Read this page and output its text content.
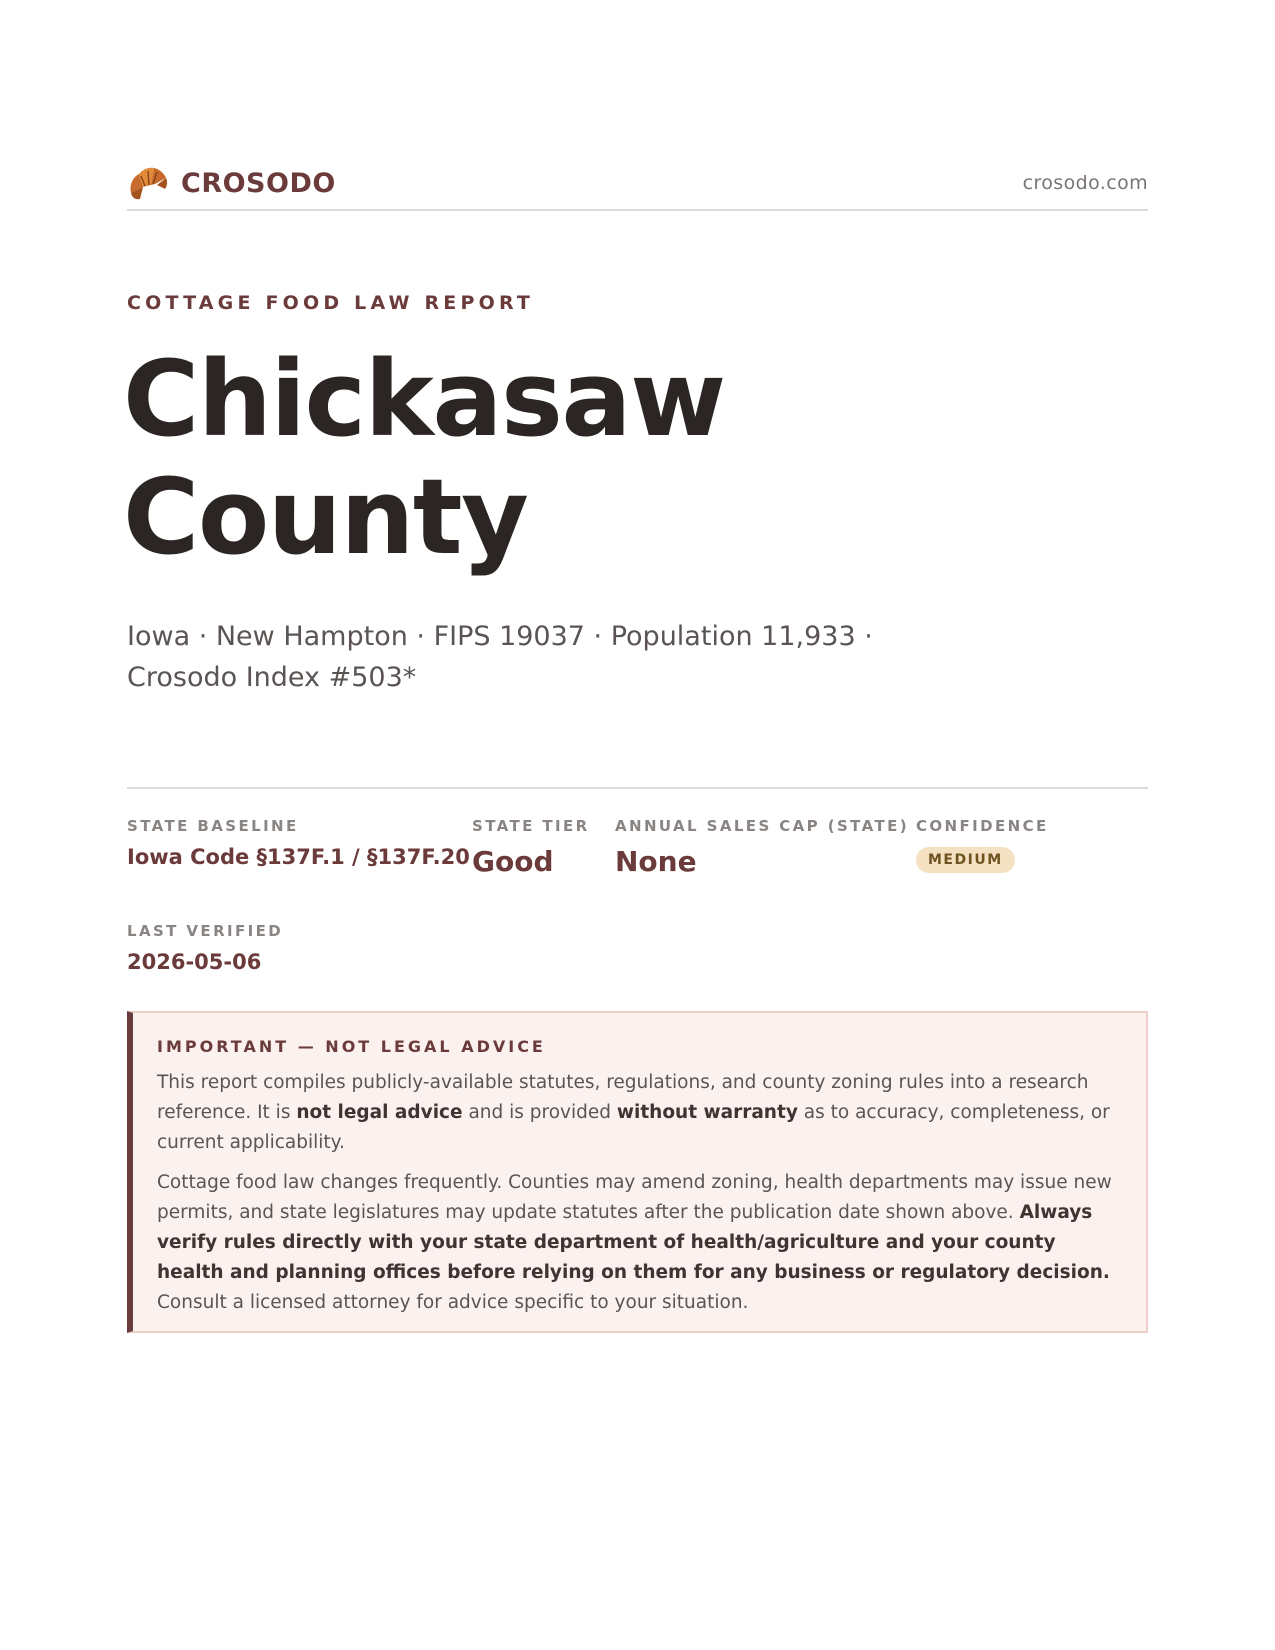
CROSODO	crosodo.com
COTTAGE FOOD LAW REPORT
Chickasaw
County
Iowa · New Hampton · FIPS 19037 · Population 11,933 ·
Crosodo Index #503*
STATE BASELINE
Iowa Code §137F.1 / §137F.20
STATE TIER
Good
ANNUAL SALES CAP (STATE)
None
CONFIDENCE
MEDIUM
LAST VERIFIED
2026-05-06
IMPORTANT — NOT LEGAL ADVICE

This report compiles publicly-available statutes, regulations, and county zoning rules into a research reference. It is not legal advice and is provided without warranty as to accuracy, completeness, or current applicability.

Cottage food law changes frequently. Counties may amend zoning, health departments may issue new permits, and state legislatures may update statutes after the publication date shown above. Always verify rules directly with your state department of health/agriculture and your county health and planning offices before relying on them for any business or regulatory decision. Consult a licensed attorney for advice specific to your situation.
